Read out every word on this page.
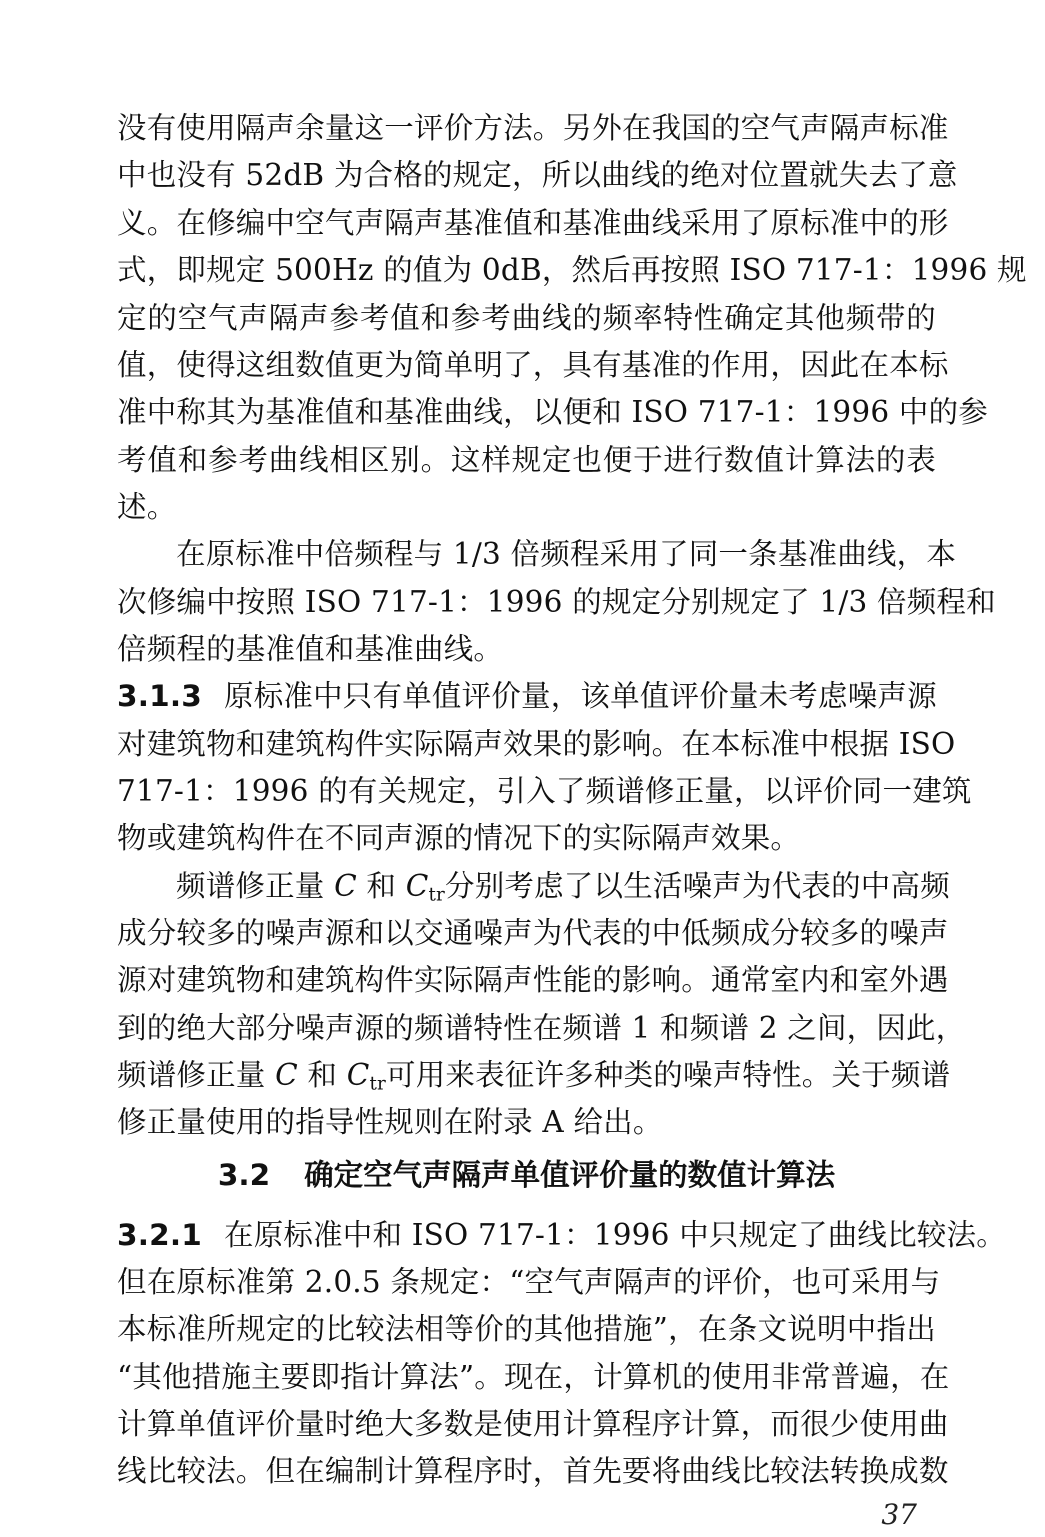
没有使用隔声余量这一评价方法。另外在我国的空气声隔声标准
中也没有 52dB 为合格的规定，所以曲线的绝对位置就失去了意
义。在修编中空气声隔声基准值和基准曲线采用了原标准中的形
式，即规定 500Hz 的值为 0dB，然后再按照 ISO 717-1：1996 规
定的空气声隔声参考值和参考曲线的频率特性确定其他频带的
值，使得这组数值更为简单明了，具有基准的作用，因此在本标
准中称其为基准值和基准曲线，以便和 ISO 717-1：1996 中的参
考值和参考曲线相区别。这样规定也便于进行数值计算法的表
述。
在原标准中倍频程与 1/3 倍频程采用了同一条基准曲线，本
次修编中按照 ISO 717-1：1996 的规定分别规定了 1/3 倍频程和
倍频程的基准值和基准曲线。
3.1.3 原标准中只有单值评价量，该单值评价量未考虑噪声源
对建筑物和建筑构件实际隔声效果的影响。在本标准中根据 ISO
717-1：1996 的有关规定，引入了频谱修正量，以评价同一建筑
物或建筑构件在不同声源的情况下的实际隔声效果。
频谱修正量 C 和 $C_{tr}$分别考虑了以生活噪声为代表的中高频
成分较多的噪声源和以交通噪声为代表的中低频成分较多的噪声
源对建筑物和建筑构件实际隔声性能的影响。通常室内和室外遇
到的绝大部分噪声源的频谱特性在频谱 1 和频谱 2 之间，因此，
频谱修正量 C 和 $C_{tr}$可用来表征许多种类的噪声特性。关于频谱
修正量使用的指导性规则在附录 A 给出。
3.2 确定空气声隔声单值评价量的数值计算法
3.2.1 在原标准中和 ISO 717-1：1996 中只规定了曲线比较法。
但在原标准第 2.0.5 条规定：“空气声隔声的评价，也可采用与
本标准所规定的比较法相等价的其他措施”，在条文说明中指出
“其他措施主要即指计算法”。现在，计算机的使用非常普遍，在
计算单值评价量时绝大多数是使用计算程序计算，而很少使用曲
线比较法。但在编制计算程序时，首先要将曲线比较法转换成数
37
